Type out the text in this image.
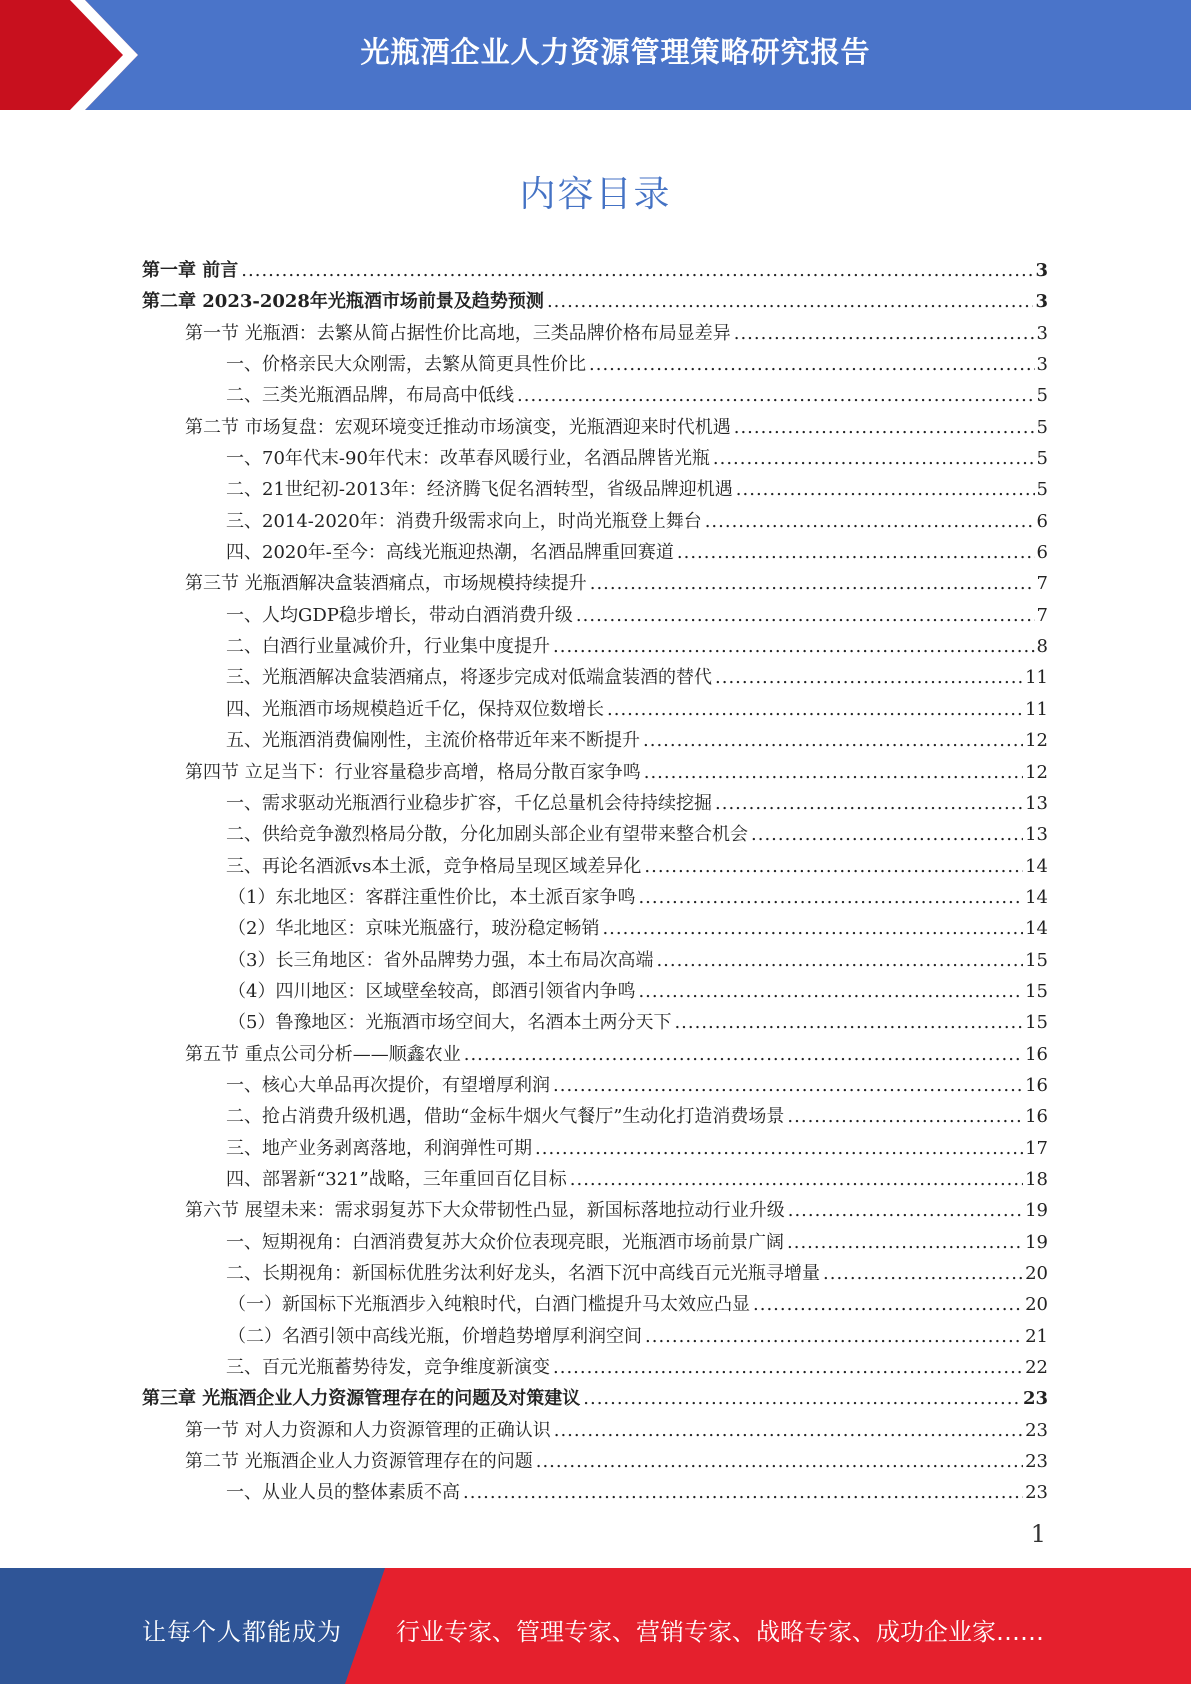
光瓶酒企业人力资源管理策略研究报告
内容目录
第一章 前言 .....	3
第二章 2023-2028年光瓶酒市场前景及趋势预测 .....	3
第一节 光瓶酒：去繁从简占据性价比高地，三类品牌价格布局显差异 .....	3
一、价格亲民大众刚需，去繁从简更具性价比 .....	3
二、三类光瓶酒品牌，布局高中低线 .....	5
第二节 市场复盘：宏观环境变迁推动市场演变，光瓶酒迎来时代机遇 .....	5
一、70年代末-90年代末：改革春风暖行业，名酒品牌皆光瓶 .....	5
二、21世纪初-2013年：经济腾飞促名酒转型，省级品牌迎机遇 .....	5
三、2014-2020年：消费升级需求向上，时尚光瓶登上舞台 .....	6
四、2020年-至今：高线光瓶迎热潮，名酒品牌重回赛道 .....	6
第三节 光瓶酒解决盒装酒痛点，市场规模持续提升 .....	7
一、人均GDP稳步增长，带动白酒消费升级 .....	7
二、白酒行业量减价升，行业集中度提升 .....	8
三、光瓶酒解决盒装酒痛点，将逐步完成对低端盒装酒的替代 .....	11
四、光瓶酒市场规模趋近千亿，保持双位数增长 .....	11
五、光瓶酒消费偏刚性，主流价格带近年来不断提升 .....	12
第四节 立足当下：行业容量稳步高增，格局分散百家争鸣 .....	12
一、需求驱动光瓶酒行业稳步扩容，千亿总量机会待持续挖掘 .....	13
二、供给竞争激烈格局分散，分化加剧头部企业有望带来整合机会 .....	13
三、再论名酒派vs本土派，竞争格局呈现区域差异化 .....	14
（1）东北地区：客群注重性价比，本土派百家争鸣 .....	14
（2）华北地区：京味光瓶盛行，玻汾稳定畅销 .....	14
（3）长三角地区：省外品牌势力强，本土布局次高端 .....	15
（4）四川地区：区域壁垒较高，郎酒引领省内争鸣 .....	15
（5）鲁豫地区：光瓶酒市场空间大，名酒本土两分天下 .....	15
第五节 重点公司分析——顺鑫农业 .....	16
一、核心大单品再次提价，有望增厚利润 .....	16
二、抢占消费升级机遇，借助“金标牛烟火气餐厅”生动化打造消费场景 .....	16
三、地产业务剥离落地，利润弹性可期 .....	17
四、部署新“321”战略，三年重回百亿目标 .....	18
第六节 展望未来：需求弱复苏下大众带韧性凸显，新国标落地拉动行业升级 .....	19
一、短期视角：白酒消费复苏大众价位表现亮眼，光瓶酒市场前景广阔 .....	19
二、长期视角：新国标优胜劣汰利好龙头，名酒下沉中高线百元光瓶寻增量 .....	20
（一）新国标下光瓶酒步入纯粮时代，白酒门槛提升马太效应凸显 .....	20
（二）名酒引领中高线光瓶，价增趋势增厚利润空间 .....	21
三、百元光瓶蓄势待发，竞争维度新演变 .....	22
第三章 光瓶酒企业人力资源管理存在的问题及对策建议 .....	23
第一节 对人力资源和人力资源管理的正确认识 .....	23
第二节 光瓶酒企业人力资源管理存在的问题 .....	23
一、从业人员的整体素质不高 .....	23
1
让每个人都能成为 行业专家、管理专家、营销专家、战略专家、成功企业家……
